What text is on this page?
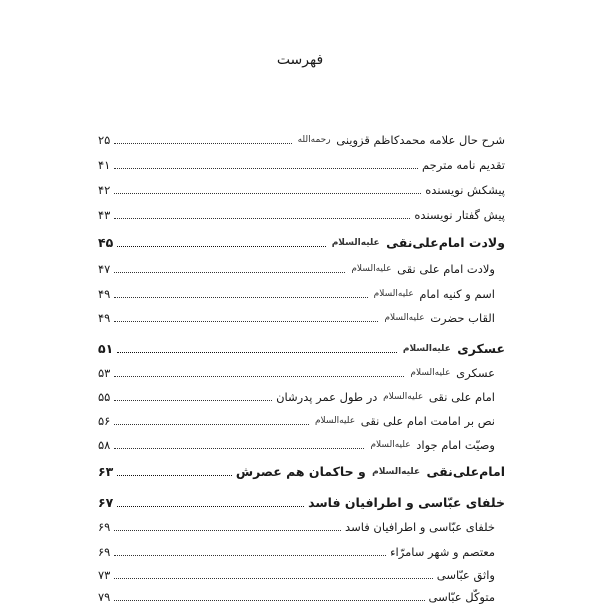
فهرست
شرح حال علامه محمدکاظم قزوینی رحمه‌الله
۲۵
تقدیم نامه مترجم
۴۱
پیشکش نویسنده
۴۲
پیش گفتار نویسنده
۴۳
ولادت امام‌علی‌نقی عليه‌السلام
۴۵
ولادت امام علی نقی عليه‌السلام
۴۷
اسم و کنیه امام عليه‌السلام
۴۹
القاب حضرت عليه‌السلام
۴۹
عسکری عليه‌السلام
۵۱
عسکری عليه‌السلام
۵۳
امام علی نقی عليه‌السلام در طول عمر پدرشان
۵۵
نص بر امامت امام علی نقی عليه‌السلام
۵۶
وصیّت امام جواد عليه‌السلام
۵۸
امام‌علی‌نقی عليه‌السلام و حاکمان هم عصرش
۶۳
خلفای عبّاسی و اطرافیان فاسد
۶۷
خلفای عبّاسی و اطرافیان فاسد
۶۹
معتصم و شهر سامرّاء
۶۹
واثق عبّاسی
۷۳
متوکّل عبّاسی
۷۹
